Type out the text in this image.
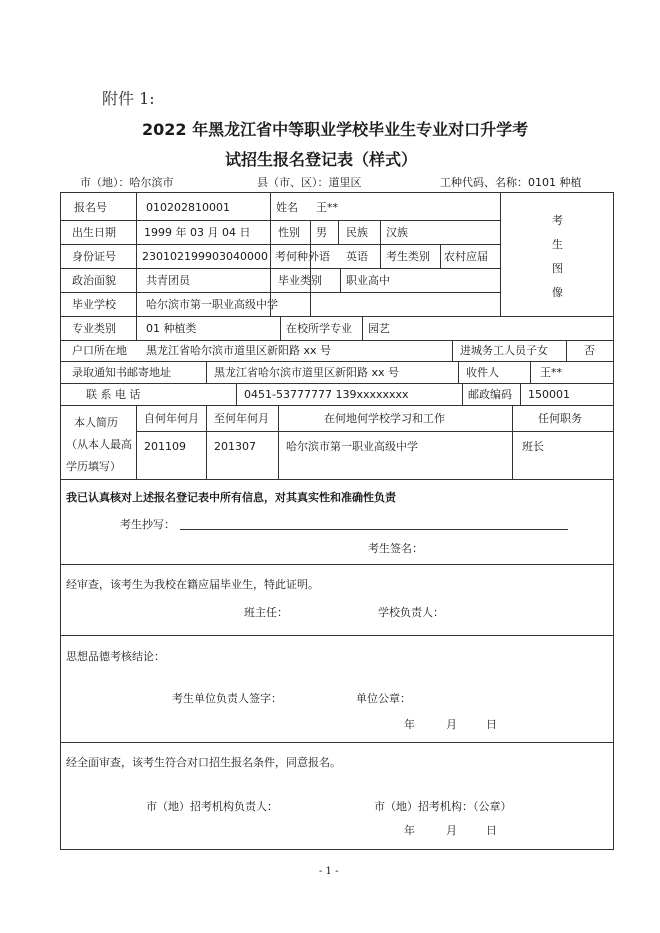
附件 1:
2022 年黑龙江省中等职业学校毕业生专业对口升学考
试招生报名登记表（样式）
市（地）：哈尔滨市	县（市、区）：道里区	工种代码、名称：0101 种植
报名号	010202810001	姓名 王**
考
生
图
像
出生日期	1999 年 03 月 04 日	性别 男 民族 汉族
身份证号 230102199903040000 考何种外语 英语 考生类别 农村应届
政治面貌	共青团员	毕业类别 职业高中
毕业学校	哈尔滨市第一职业高级中学
专业类别	01 种植类	在校所学专业 园艺
户口所在地 黑龙江省哈尔滨市道里区新阳路 xx 号	进城务工人员子女	否
录取通知书邮寄地址	黑龙江省哈尔滨市道里区新阳路 xx 号	收件人	王**
联 系 电 话	0451-53777777 139xxxxxxxx	邮政编码 150001
本人简历
（从本人最高
学历填写）
自何年何月 至何年何月	在何地何学校学习和工作	任何职务
201109	201307	哈尔滨市第一职业高级中学	班长
我已认真核对上述报名登记表中所有信息，对其真实性和准确性负责
考生抄写：
考生签名：
经审查，该考生为我校在籍应届毕业生，特此证明。
班主任：	学校负责人：
思想品德考核结论：
考生单位负责人签字：	单位公章：
年	月	日
经全面审查，该考生符合对口招生报名条件，同意报名。
市（地）招考机构负责人：	市（地）招考机构：（公章）
年	月	日
- 1 -
